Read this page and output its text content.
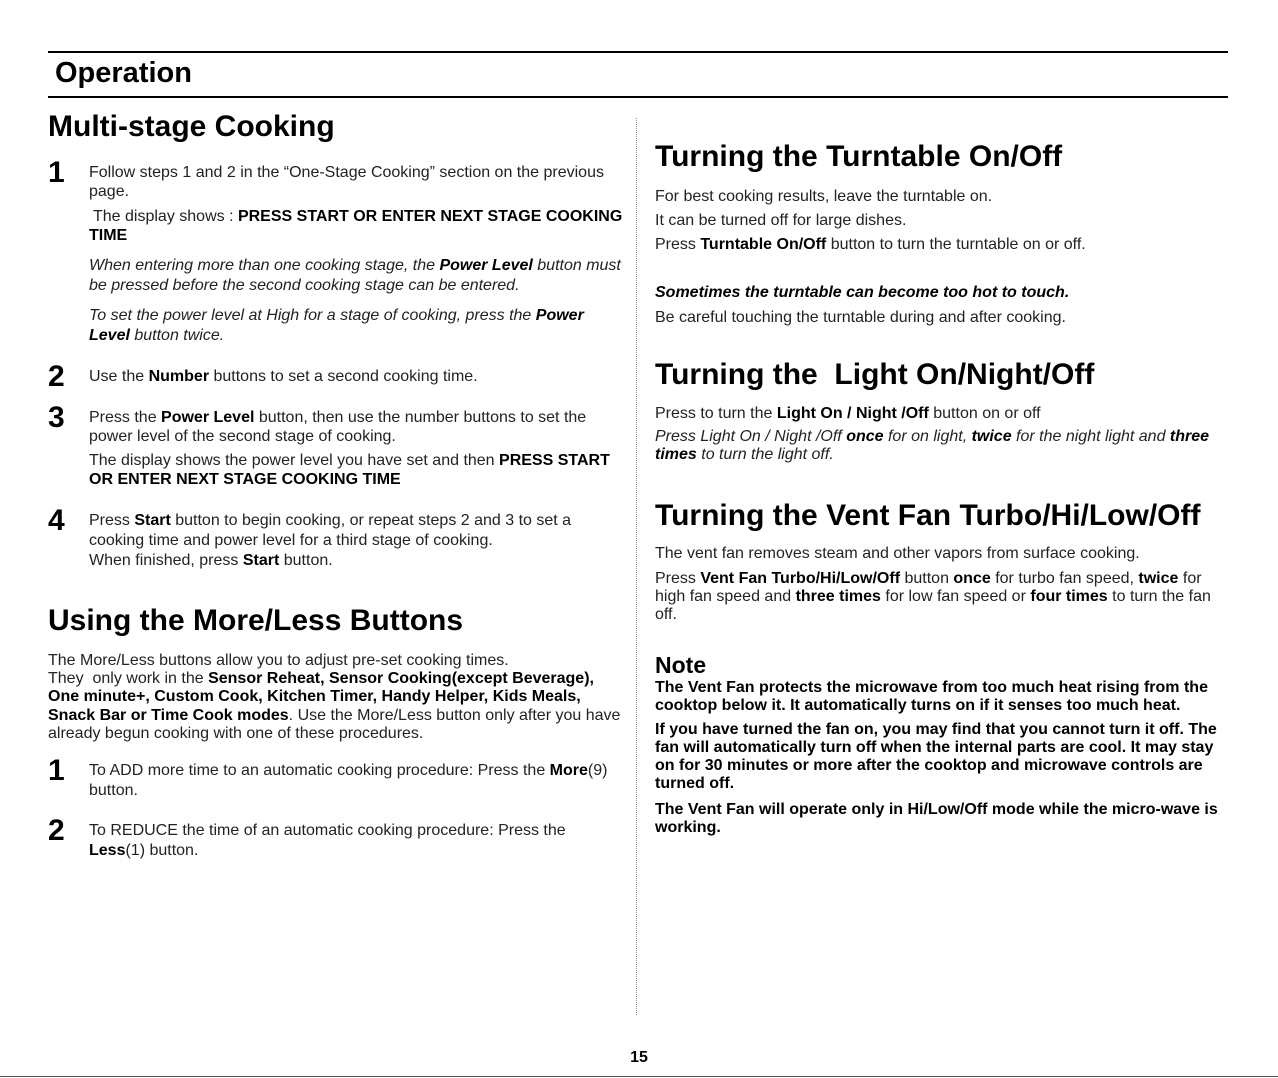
Operation
Multi-stage Cooking
1 Follow steps 1 and 2 in the “One-Stage Cooking” section on the previous  page.

The display shows : PRESS START OR ENTER NEXT STAGE COOKING TIME

When entering more than one cooking stage, the Power Level button must be pressed before the second cooking stage can be entered.

To set the power level at High for a stage of cooking, press the Power Level button twice.

2 Use the Number buttons to set a second cooking time.

3 Press the Power Level button, then use the number buttons to set the power level of the second stage of cooking.

The display shows the power level you have set and then PRESS START OR ENTER NEXT STAGE COOKING TIME

4 Press Start button to begin cooking, or repeat steps 2 and 3 to set a cooking time and power level for a third stage of cooking.
When finished, press Start button.

Using the More/Less Buttons

The More/Less buttons allow you to adjust pre-set cooking times.
They  only work in the Sensor Reheat, Sensor Cooking(except Beverage), One minute+, Custom Cook, Kitchen Timer, Handy Helper, Kids Meals, Snack Bar or Time Cook modes. Use the More/Less button only after you have already begun cooking with one of these procedures.

1 To ADD more time to an automatic cooking procedure: Press the More(9) button.

2 To REDUCE the time of an automatic cooking procedure: Press the Less(1) button.

Turning the Turntable On/Off

For best cooking results, leave the turntable on.

It can be turned off for large dishes.

Press Turntable On/Off button to turn the turntable on or off.

Sometimes the turntable can become too hot to touch.

Be careful touching the turntable during and after cooking.

Turning the  Light On/Night/Off

Press to turn the Light On / Night /Off button on or off

Press Light On / Night /Off once for on light, twice for the night light and three times to turn the light off.

Turning the Vent Fan Turbo/Hi/Low/Off

The vent fan removes steam and other vapors from surface cooking.

Press Vent Fan Turbo/Hi/Low/Off button once for turbo fan speed, twice for high fan speed and three times for low fan speed or four times to turn the fan off.

Note

The Vent Fan protects the microwave from too much heat rising from the cooktop below it. It automatically turns on if it senses too much heat.

If you have turned the fan on, you may find that you cannot turn it off. The fan will automatically turn off when the internal parts are cool. It may stay on for 30 minutes or more after the cooktop and microwave controls are turned off.

The Vent Fan will operate only in Hi/Low/Off mode while the micro-wave is working.

15
